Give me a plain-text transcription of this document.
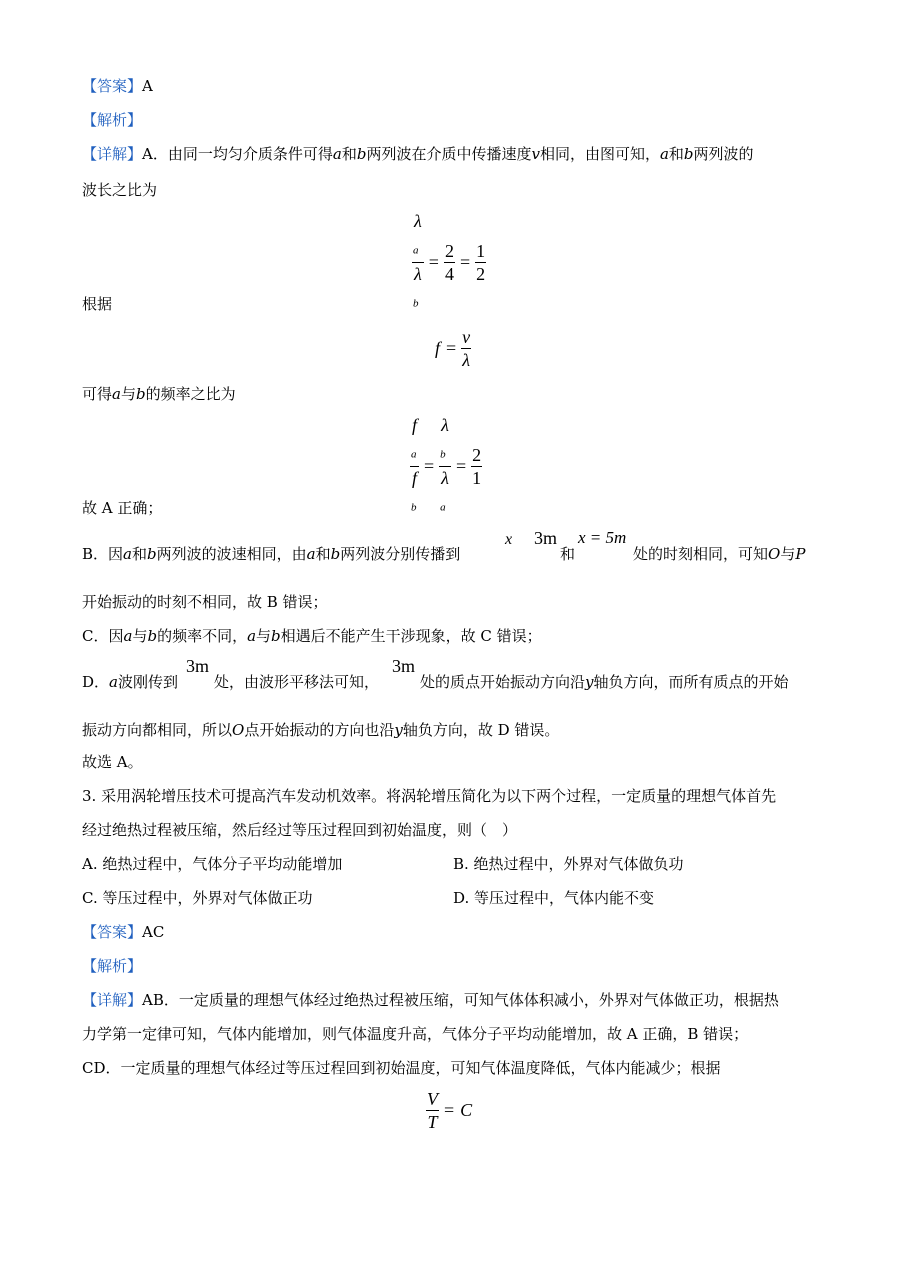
【答案】A
【解析】
【详解】A．由同一均匀介质条件可得a和b两列波在介质中传播速度v相同，由图可知，a和b两列波的
波长之比为
λ
$_a$
λ
$_b = \frac{2}{4} = \frac{1}{2}$
根据
$f = \frac{v}{\lambda}$
可得a与b的频率之比为
f
$_a$
f
$_b$ = λ
$_b$
λ
$_a = \frac{2}{1}$
故 A 正确；
B．因a和b两列波的波速相同，由a和b两列波分别传播到
x 3m
和
x = 5m
处的时刻相同，可知O与P
开始振动的时刻不相同，故 B 错误；
C．因a与b的频率不同，a与b相遇后不能产生干涉现象，故 C 错误；
D．a波刚传到
3m
处，由波形平移法可知，
3m
处的质点开始振动方向沿y轴负方向，而所有质点的开始
振动方向都相同，所以O点开始振动的方向也沿y轴负方向，故 D 错误。
故选 A。
3. 采用涡轮增压技术可提高汽车发动机效率。将涡轮增压简化为以下两个过程，一定质量的理想气体首先
经过绝热过程被压缩，然后经过等压过程回到初始温度，则（　）
A. 绝热过程中，气体分子平均动能增加	B. 绝热过程中，外界对气体做负功
C. 等压过程中，外界对气体做正功	D. 等压过程中，气体内能不变
【答案】AC
【解析】
【详解】AB．一定质量的理想气体经过绝热过程被压缩，可知气体体积减小，外界对气体做正功，根据热
力学第一定律可知，气体内能增加，则气体温度升高，气体分子平均动能增加，故 A 正确，B 错误；
CD．一定质量的理想气体经过等压过程回到初始温度，可知气体温度降低，气体内能减少；根据
$\frac{V}{T} = C$
